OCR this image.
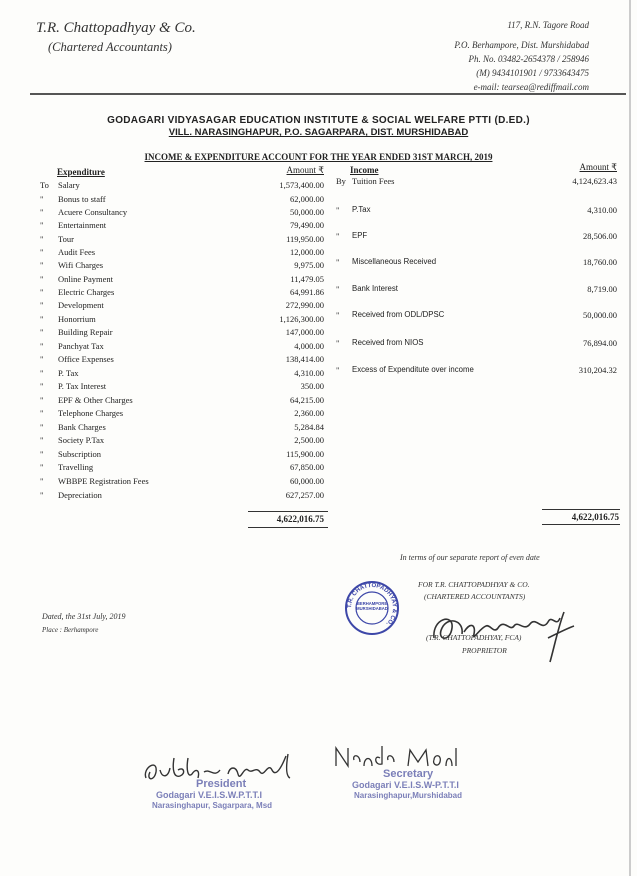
T.R. Chattopadhyay & Co.
(Chartered Accountants)
117, R.N. Tagore Road
P.O. Berhampore, Dist. Murshidabad
Ph. No. 03482-2654378 / 258946
(M) 9434101901 / 9733643475
e-mail: tearsea@rediffmail.com
GODAGARI VIDYASAGAR EDUCATION INSTITUTE & SOCIAL WELFARE PTTI (D.ED.)
VILL. NARASINGHAPUR, P.O. SAGARPARA, DIST. MURSHIDABAD
INCOME & EXPENDITURE ACCOUNT FOR THE YEAR ENDED 31ST MARCH, 2019
Expenditure	Amount ₹	Income	Amount ₹
To	Salary	1,573,400.00
"	Bonus to staff	62,000.00
"	Acuere Consultancy	50,000.00
"	Entertainment	79,490.00
"	Tour	119,950.00
"	Audit Fees	12,000.00
"	Wifi Charges	9,975.00
"	Online Payment	11,479.05
"	Electric Charges	64,991.86
"	Development	272,990.00
"	Honorrium	1,126,300.00
"	Building Repair	147,000.00
"	Panchyat Tax	4,000.00
"	Office Expenses	138,414.00
"	P. Tax	4,310.00
"	P. Tax Interest	350.00
"	EPF & Other Charges	64,215.00
"	Telephone Charges	2,360.00
"	Bank Charges	5,284.84
"	Society P.Tax	2,500.00
"	Subscription	115,900.00
"	Travelling	67,850.00
"	WBBPE Registration Fees	60,000.00
"	Depreciation	627,257.00
By Tuition Fees	4,124,623.43
" P.Tax	4,310.00
" EPF	28,506.00
" Miscellaneous Received	18,760.00
" Bank Interest	8,719.00
" Received from ODL/DPSC	50,000.00
" Received from NIOS	76,894.00
" Excess of Expenditute over income	310,204.32
4,622,016.75	4,622,016.75
In terms of our separate report of even date
FOR T.R. CHATTOPADHYAY & CO.
(CHARTERED ACCOUNTANTS)
(T.R. CHATTOPADHYAY, FCA)
PROPRIETOR
Dated, the 31st July, 2019
Place : Berhampore
T.R. CHATTOPADHYAY & CO.
BERHAMPORE MURSHIDABAD
President
Godagari V.E.I.S.W.P.T.T.I
Narasinghapur, Sagarpara, Msd
Secretary
Godagari V.E.I.S.W-P.T.T.I
Narasinghapur,Murshidabad
